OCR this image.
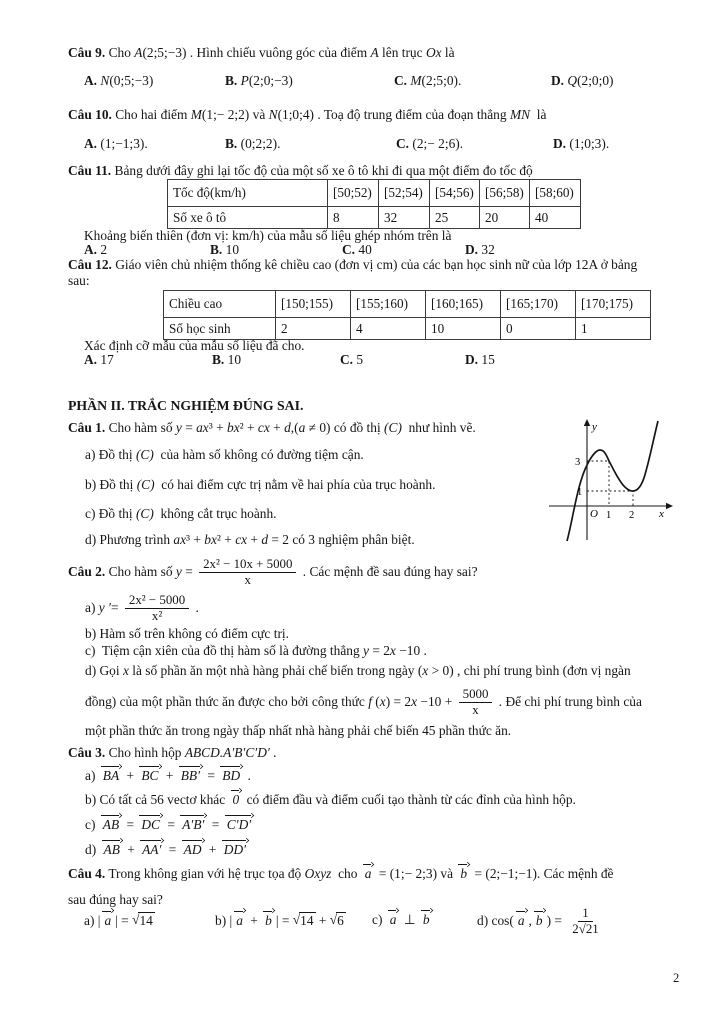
Câu 9. Cho A (2;5;−3) . Hình chiếu vuông góc của điểm A lên trục Ox là
A.
N (0;5;−3)	B.
P (2;0;−3)	C.
M (2;5;0) .	D.
Q (2;0;0)
Câu 10. Cho hai điểm M (1;− 2;2) và N (1;0;4) . Toạ độ trung điểm của đoạn thẳng MN là
A. (1;−1;3).	B. (0;2;2).	C. (2;− 2;6).	D. (1;0;3).
Câu 11. Bảng dưới đây ghi lại tốc độ của một số xe ô tô khi đi qua một điểm đo tốc độ
Tốc độ(km/h)	[50;52)	[52;54)	[54;56)	[56;58)	[58;60)
Số xe ô tô	8	32	25	20	40
Khoảng biến thiên (đơn vị: km/h) của mẫu số liệu ghép nhóm trên là
A. 2	B. 10	C. 40	D. 32
Câu 12. Giáo viên chủ nhiệm thống kê chiều cao (đơn vị cm) của các bạn học sinh nữ của lớp 12A ở bảng
sau:
Chiều cao	[150;155)	[155;160)	[160;165)	[165;170)	[170;175)
Số học sinh	2	4	10	0	1
Xác định cỡ mẫu của mẫu số liệu đã cho.
A. 17	B. 10	C. 5	D. 15
PHẦN II. TRẮC NGHIỆM ĐÚNG SAI.
Câu 1. Cho hàm số y = ax ³ + bx ² + cx + d ,( a ≠ 0) có đồ thị (C) như hình vẽ.
a) Đồ thị (C) của hàm số không có đường tiệm cận.
b) Đồ thị (C) có hai điểm cực trị nằm về hai phía của trục hoành.
c) Đồ thị (C) không cắt trục hoành.
d) Phương trình ax ³ + bx ² + cx + d = 2 có 3 nghiệm phân biệt.
3
1
O 1 2
y
x
Câu 2. Cho hàm số $y = \frac{\text{2x² − 10x + 5000}}{x}$ . Các mệnh đề sau đúng hay sai?
a) y ′ = $\frac{\text{2x² − 5000}}{\text{x²}}$ .
b) Hàm số trên không có điểm cực trị.
c)  Tiệm cận xiên của đồ thị hàm số là đường thẳng y = 2 x −10 .
d) Gọi x là số phần ăn một nhà hàng phải chế biến trong ngày ( x > 0) , chi phí trung bình (đơn vị ngàn
đồng) của một phần thức ăn được cho bởi công thức f ( x ) = 2 $x -10 + \frac{5000}{x}$ . Để chi phí trung bình của
một phần thức ăn trong ngày thấp nhất nhà hàng phải chế biến 45 phần thức ăn.
Câu 3. Cho hình hộp ABCD.A′B′C′D′ .
a) BA + BC + BB′ = BD .
b) Có tất cả 56 vectơ khác 0 có điểm đầu và điểm cuối tạo thành từ các đỉnh của hình hộp.
c) AB = DC = A′B′ = C′D′
d) AB + AA′ = AD + DD′
Câu 4. Trong không gian với hệ trục tọa độ Oxyz cho a = (1;− 2;3) và b = (2;−1;−1) . Các mệnh đề
sau đúng hay sai?
a) | a | = √ 14	b) | a + b | = √ 14 + √ 6 c) a ⊥ b	d) cos( a , b ) = $\frac{1}{2√21}$
2
